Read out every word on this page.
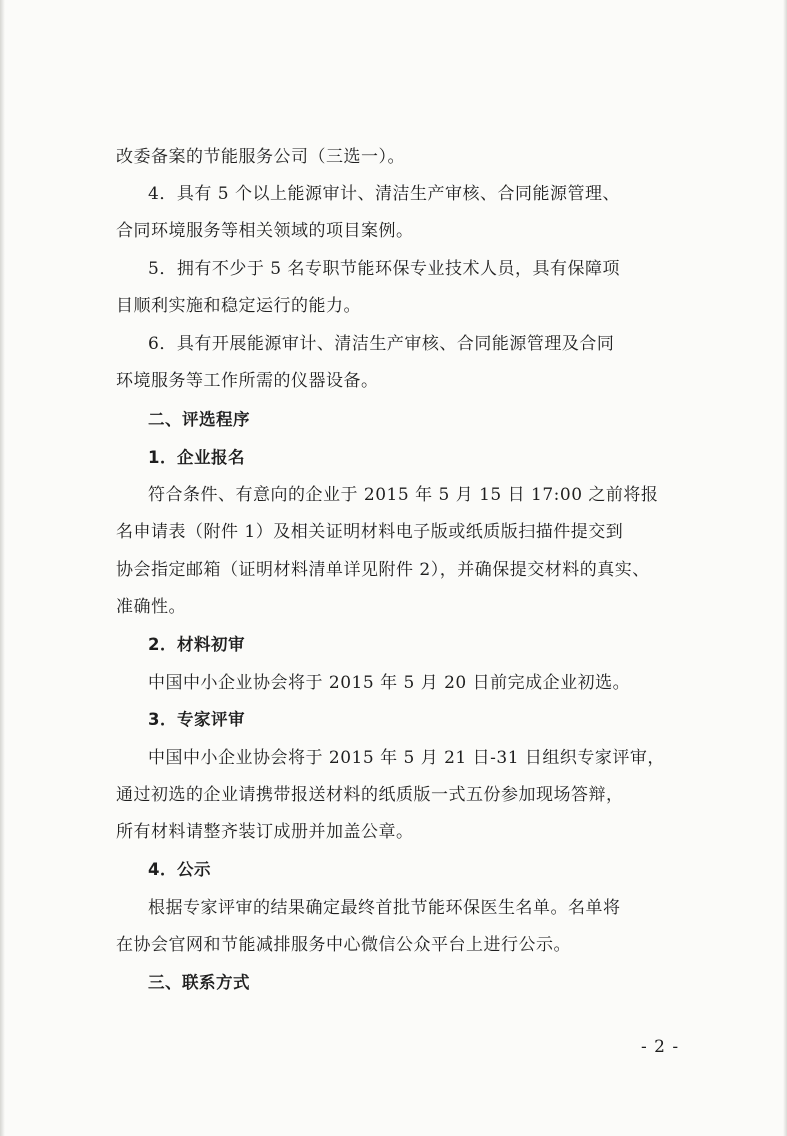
改委备案的节能服务公司（三选一）。
4．具有 5 个以上能源审计、清洁生产审核、合同能源管理、
合同环境服务等相关领域的项目案例。
5．拥有不少于 5 名专职节能环保专业技术人员，具有保障项
目顺利实施和稳定运行的能力。
6．具有开展能源审计、清洁生产审核、合同能源管理及合同
环境服务等工作所需的仪器设备。
二、评选程序
1．企业报名
符合条件、有意向的企业于 2015 年 5 月 15 日 17:00 之前将报
名申请表（附件 1）及相关证明材料电子版或纸质版扫描件提交到
协会指定邮箱（证明材料清单详见附件 2），并确保提交材料的真实、
准确性。
2．材料初审
中国中小企业协会将于 2015 年 5 月 20 日前完成企业初选。
3．专家评审
中国中小企业协会将于 2015 年 5 月 21 日-31 日组织专家评审，
通过初选的企业请携带报送材料的纸质版一式五份参加现场答辩，
所有材料请整齐装订成册并加盖公章。
4．公示
根据专家评审的结果确定最终首批节能环保医生名单。名单将
在协会官网和节能减排服务中心微信公众平台上进行公示。
三、联系方式
- 2 -
